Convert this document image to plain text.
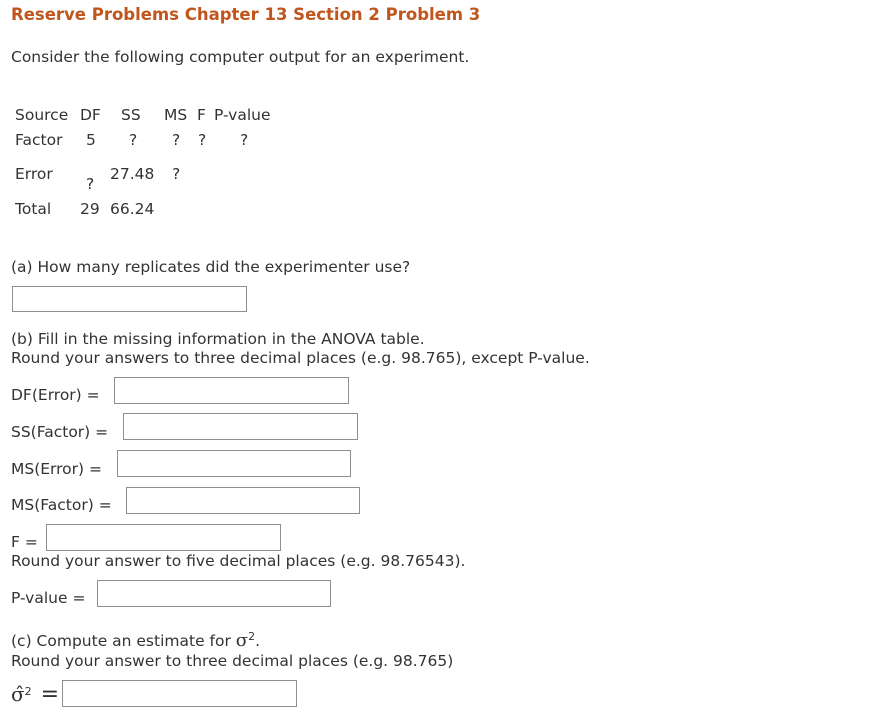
Reserve Problems Chapter 13 Section 2 Problem 3
Consider the following computer output for an experiment.
Source DF SS MS F P-value
Factor 5 ? ? ? ?
Error
?
27.48 ?
Total 29 66.24
(a) How many replicates did the experimenter use?
(b) Fill in the missing information in the ANOVA table.
Round your answers to three decimal places (e.g. 98.765), except P-value.
DF(Error) =
SS(Factor) =
MS(Error) =
MS(Factor) =
F =
Round your answer to five decimal places (e.g. 98.76543).
P-value =
(c) Compute an estimate for $\sigma^2$.
Round your answer to three decimal places (e.g. 98.765)
σ̂$^2$ =
